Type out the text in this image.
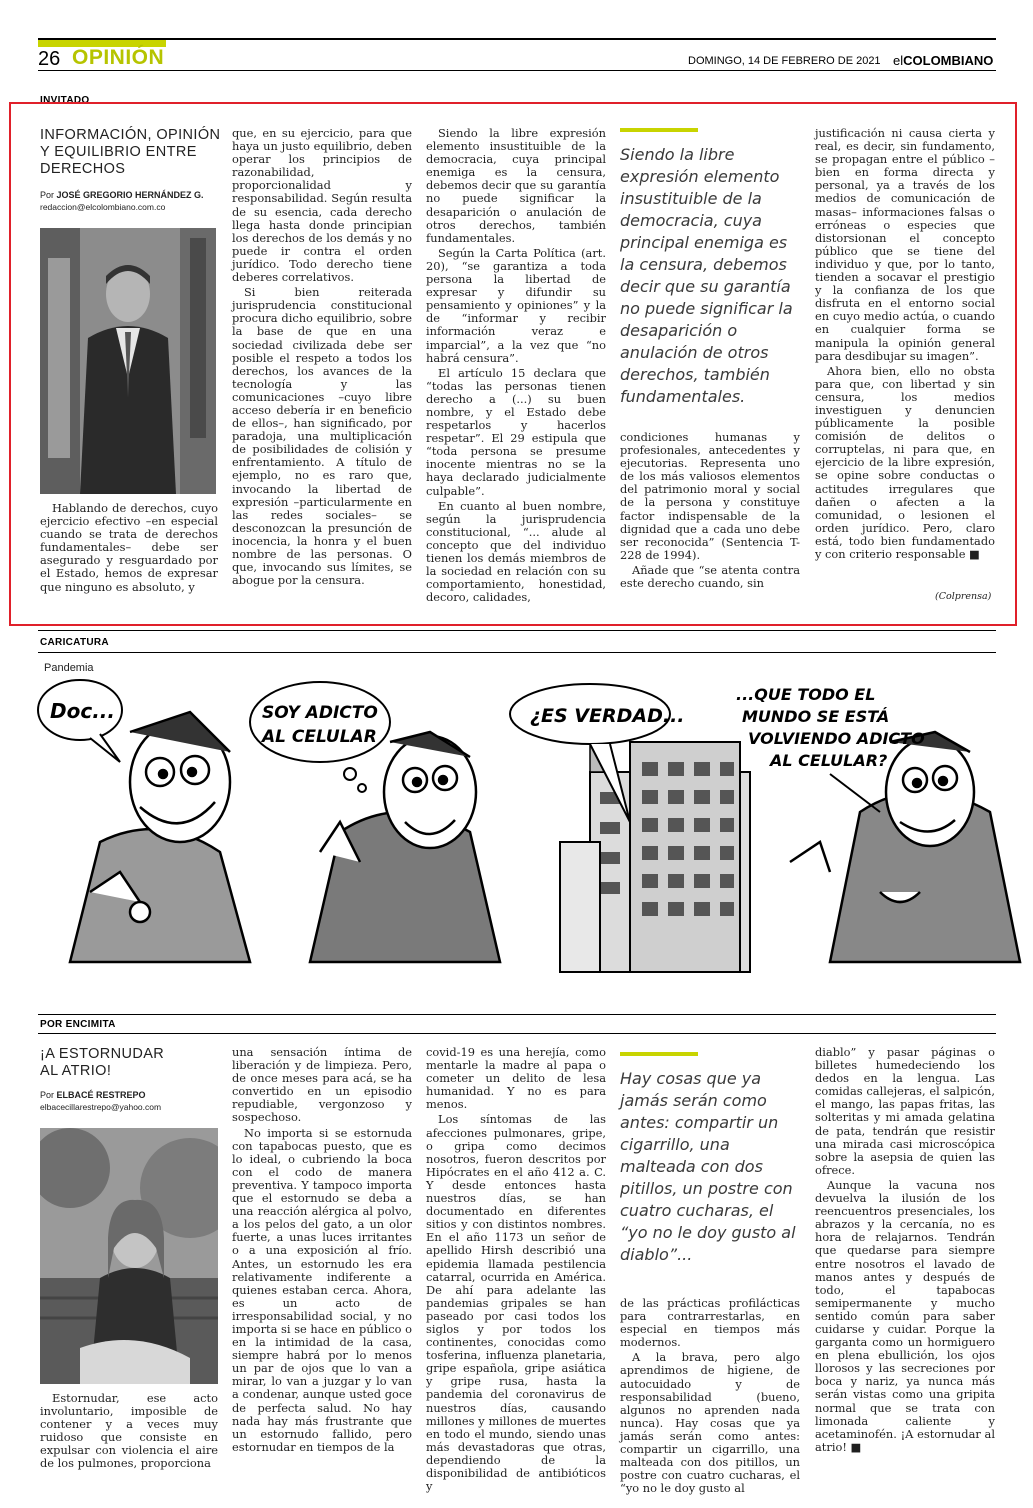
26 OPINIÓN	DOMINGO, 14 DE FEBRERO DE 2021 elCOLOMBIANO
INVITADO
INFORMACIÓN, OPINIÓN
Y EQUILIBRIO ENTRE
DERECHOS
Por JOSÉ GREGORIO HERNÁNDEZ G.
redaccion@elcolombiano.com.co

Hablando de derechos, cuyo ejercicio efectivo –en especial cuando se trata de derechos fundamentales– debe ser asegurado y resguardado por el Estado, hemos de expresar que ninguno es absoluto, y

que, en su ejercicio, para que haya un justo equilibrio, deben operar los principios de razonabilidad, proporcionalidad y responsabilidad. Según resulta de su esencia, cada derecho llega hasta donde principian los derechos de los demás y no puede ir contra el orden jurídico. Todo derecho tiene deberes correlativos.

Si bien reiterada jurisprudencia constitucional procura dicho equilibrio, sobre la base de que en una sociedad civilizada debe ser posible el respeto a todos los derechos, los avances de la tecnología y las comunicaciones –cuyo libre acceso debería ir en beneficio de ellos–, han significado, por paradoja, una multiplicación de posibilidades de colisión y enfrentamiento. A título de ejemplo, no es raro que, invocando la libertad de expresión –particularmente en las redes sociales– se desconozcan la presunción de inocencia, la honra y el buen nombre de las personas. O que, invocando sus límites, se abogue por la censura.

Siendo la libre expresión elemento insustituible de la democracia, cuya principal enemiga es la censura, debemos decir que su garantía no puede significar la desaparición o anulación de otros derechos, también fundamentales.

Según la Carta Política (art. 20), “se garantiza a toda persona la libertad de expresar y difundir su pensamiento y opiniones” y la de “informar y recibir información veraz e imparcial”, a la vez que “no habrá censura”.

El artículo 15 declara que “todas las personas tienen derecho a (...) su buen nombre, y el Estado debe respetarlos y hacerlos respetar”. El 29 estipula que “toda persona se presume inocente mientras no se la haya declarado judicialmente culpable”.

En cuanto al buen nombre, según la jurisprudencia constitucional, “... alude al concepto que del individuo tienen los demás miembros de la sociedad en relación con su comportamiento, honestidad, decoro, calidades,

Siendo la libre expresión elemento insustituible de la democracia, cuya principal enemiga es la censura, debemos decir que su garantía no puede significar la desaparición o anulación de otros derechos, también fundamentales.

condiciones humanas y profesionales, antecedentes y ejecutorias. Representa uno de los más valiosos elementos del patrimonio moral y social de la persona y constituye factor indispensable de la dignidad que a cada uno debe ser reconocida” (Sentencia T-228 de 1994).

Añade que “se atenta contra este derecho cuando, sin

justificación ni causa cierta y real, es decir, sin fundamento, se propagan entre el público –bien en forma directa y personal, ya a través de los medios de comunicación de masas– informaciones falsas o erróneas o especies que distorsionan el concepto público que se tiene del individuo y que, por lo tanto, tienden a socavar el prestigio y la confianza de los que disfruta en el entorno social en cuyo medio actúa, o cuando en cualquier forma se manipula la opinión general para desdibujar su imagen”.

Ahora bien, ello no obsta para que, con libertad y sin censura, los medios investiguen y denuncien públicamente la posible comisión de delitos o corruptelas, ni para que, en ejercicio de la libre expresión, se opine sobre conductas o actitudes irregulares que dañen o afecten a la comunidad, o lesionen el orden jurídico. Pero, claro está, todo bien fundamentado y con criterio responsable ■

(Colprensa)
CARICATURA
Pandemia
Doc...	SOY ADICTO
AL CELULAR
¿ES VERDAD...
...QUE TODO EL
MUNDO SE ESTÁ
VOLVIENDO ADICTO
AL CELULAR?
POR ENCIMITA
¡A ESTORNUDAR
AL ATRIO!
Por ELBACÉ RESTREPO
elbacecillarestrepo@yahoo.com

Estornudar, ese acto involuntario, imposible de contener y a veces muy ruidoso que consiste en expulsar con violencia el aire de los pulmones, proporciona

una sensación íntima de liberación y de limpieza. Pero, de once meses para acá, se ha convertido en un episodio repudiable, vergonzoso y sospechoso.

No importa si se estornuda con tapabocas puesto, que es lo ideal, o cubriendo la boca con el codo de manera preventiva. Y tampoco importa que el estornudo se deba a una reacción alérgica al polvo, a los pelos del gato, a un olor fuerte, a unas luces irritantes o a una exposición al frío. Antes, un estornudo les era relativamente indiferente a quienes estaban cerca. Ahora, es un acto de irresponsabilidad social, y no importa si se hace en público o en la intimidad de la casa, siempre habrá por lo menos un par de ojos que lo van a mirar, lo van a juzgar y lo van a condenar, aunque usted goce de perfecta salud. No hay nada hay más frustrante que un estornudo fallido, pero estornudar en tiempos de la

covid-19 es una herejía, como mentarle la madre al papa o cometer un delito de lesa humanidad. Y no es para menos.

Los síntomas de las afecciones pulmonares, gripe, o gripa como decimos nosotros, fueron descritos por Hipócrates en el año 412 a. C. Y desde entonces hasta nuestros días, se han documentado en diferentes sitios y con distintos nombres. En el año 1173 un señor de apellido Hirsh describió una epidemia llamada pestilencia catarral, ocurrida en América. De ahí para adelante las pandemias gripales se han paseado por casi todos los siglos y por todos los continentes, conocidas como tosferina, influenza planetaria, gripe española, gripe asiática y gripe rusa, hasta la pandemia del coronavirus de nuestros días, causando millones y millones de muertes en todo el mundo, siendo unas más devastadoras que otras, dependiendo de la disponibilidad de antibióticos y

Hay cosas que ya jamás serán como antes: compartir un cigarrillo, una malteada con dos pitillos, un postre con cuatro cucharas, el “yo no le doy gusto al diablo”...

de las prácticas profilácticas para contrarrestarlas, en especial en tiempos más modernos.

A la brava, pero algo aprendimos de higiene, de autocuidado y de responsabilidad (bueno, algunos no aprenden nada nunca). Hay cosas que ya jamás serán como antes: compartir un cigarrillo, una malteada con dos pitillos, un postre con cuatro cucharas, el “yo no le doy gusto al

diablo” y pasar páginas o billetes humedeciendo los dedos en la lengua. Las comidas callejeras, el salpicón, el mango, las papas fritas, las solteritas y mi amada gelatina de pata, tendrán que resistir una mirada casi microscópica sobre la asepsia de quien las ofrece.

Aunque la vacuna nos devuelva la ilusión de los reencuentros presenciales, los abrazos y la cercanía, no es hora de relajarnos. Tendrán que quedarse para siempre entre nosotros el lavado de manos antes y después de todo, el tapabocas semipermanente y mucho sentido común para saber cuidarse y cuidar. Porque la garganta como un hormiguero en plena ebullición, los ojos llorosos y las secreciones por boca y nariz, ya nunca más serán vistas como una gripita normal que se trata con limonada caliente y acetaminofén. ¡A estornudar al atrio! ■
